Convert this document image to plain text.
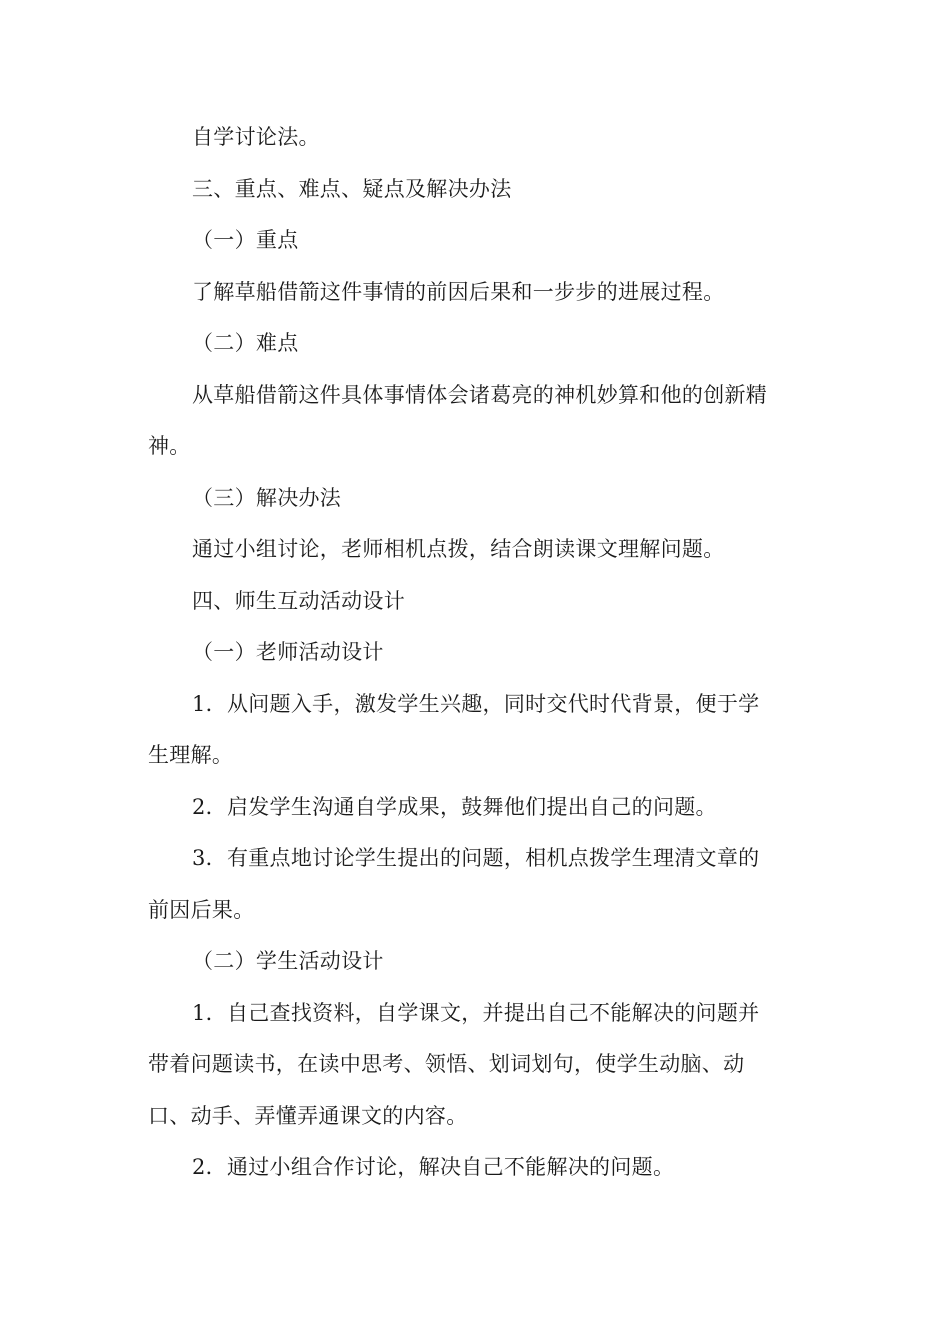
自学讨论法。
三、重点、难点、疑点及解决办法
（一）重点
了解草船借箭这件事情的前因后果和一步步的进展过程。
（二）难点
从草船借箭这件具体事情体会诸葛亮的神机妙算和他的创新精
神。
（三）解决办法
通过小组讨论，老师相机点拨，结合朗读课文理解问题。
四、师生互动活动设计
（一）老师活动设计
1．从问题入手，激发学生兴趣，同时交代时代背景，便于学
生理解。
2．启发学生沟通自学成果，鼓舞他们提出自己的问题。
3．有重点地讨论学生提出的问题，相机点拨学生理清文章的
前因后果。
（二）学生活动设计
1．自己查找资料，自学课文，并提出自己不能解决的问题并
带着问题读书，在读中思考、领悟、划词划句，使学生动脑、动
口、动手、弄懂弄通课文的内容。
2．通过小组合作讨论，解决自己不能解决的问题。
